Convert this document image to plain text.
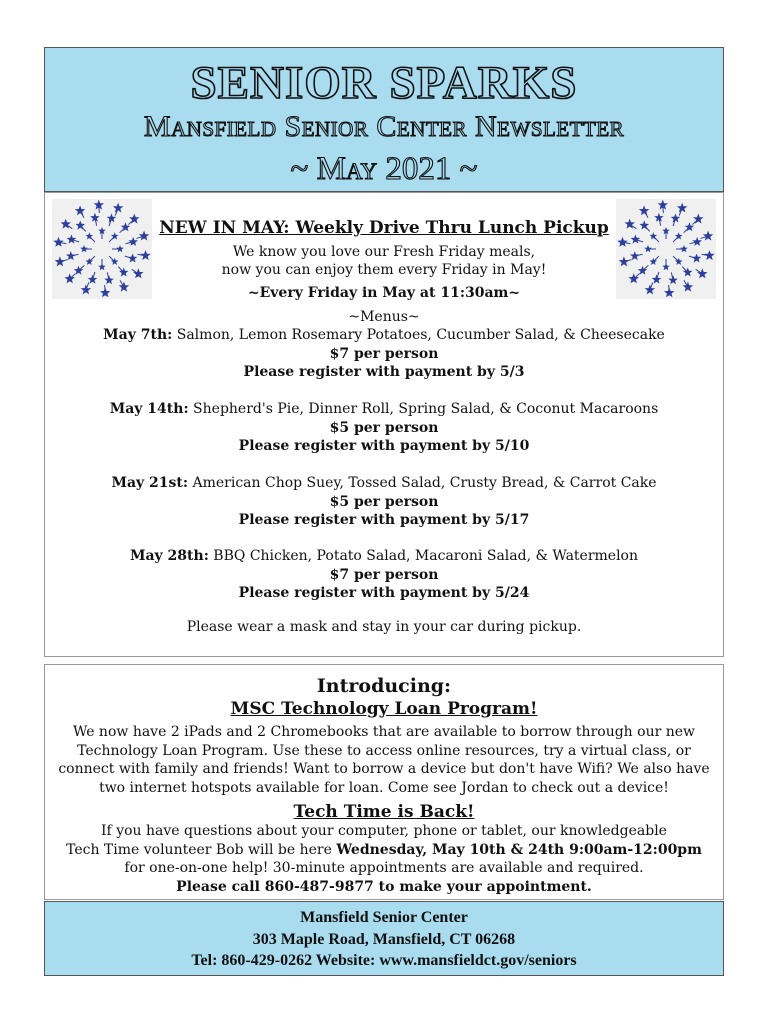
SENIOR SPARKS
Mansfield Senior Center Newsletter
~ May 2021 ~
NEW IN MAY: Weekly Drive Thru Lunch Pickup
We know you love our Fresh Friday meals,
now you can enjoy them every Friday in May!
~Every Friday in May at 11:30am~
~Menus~
May 7th: Salmon, Lemon Rosemary Potatoes, Cucumber Salad, & Cheesecake
$7 per person
Please register with payment by 5/3
May 14th: Shepherd's Pie, Dinner Roll, Spring Salad, & Coconut Macaroons
$5 per person
Please register with payment by 5/10
May 21st: American Chop Suey, Tossed Salad, Crusty Bread, & Carrot Cake
$5 per person
Please register with payment by 5/17
May 28th: BBQ Chicken, Potato Salad, Macaroni Salad, & Watermelon
$7 per person
Please register with payment by 5/24
Please wear a mask and stay in your car during pickup.
Introducing:
MSC Technology Loan Program!
We now have 2 iPads and 2 Chromebooks that are available to borrow through our new Technology Loan Program. Use these to access online resources, try a virtual class, or connect with family and friends! Want to borrow a device but don't have Wifi? We also have two internet hotspots available for loan. Come see Jordan to check out a device!
Tech Time is Back!
If you have questions about your computer, phone or tablet, our knowledgeable
Tech Time volunteer Bob will be here Wednesday, May 10th & 24th 9:00am-12:00pm
for one-on-one help! 30-minute appointments are available and required.
Please call 860-487-9877 to make your appointment.
Mansfield Senior Center
303 Maple Road, Mansfield, CT 06268
Tel: 860-429-0262 Website: www.mansfieldct.gov/seniors
